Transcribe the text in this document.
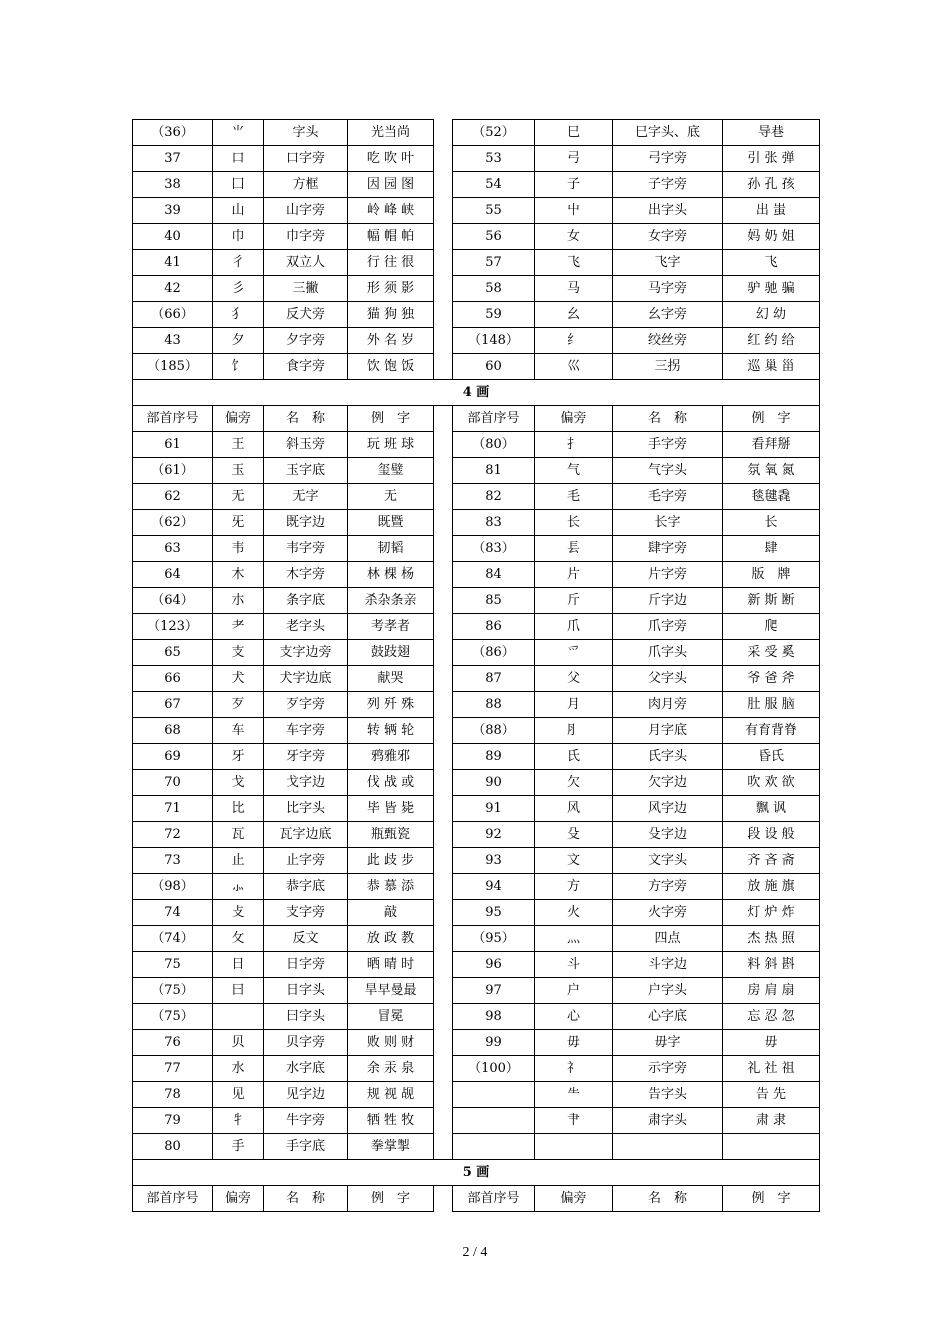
（36）	⺌	字头	光当尚		（52）	巳	巳字头、底	导巷
37	口	口字旁	吃 吹 叶		53	弓	弓字旁	引 张 弹
38	囗	方框	因 园 图		54	子	子字旁	孙 孔 孩
39	山	山字旁	岭 峰 峡		55	屮	出字头	出 蚩
40	巾	巾字旁	幅 帽 帕		56	女	女字旁	妈 奶 姐
41	彳	双立人	行 往 很		57	飞	飞字	飞
42	彡	三撇	形 须 影		58	马	马字旁	驴 驰 骗
（66）	犭	反犬旁	猫 狗 独		59	幺	幺字旁	幻 幼
43	夕	夕字旁	外 名 岁		（148）	纟	绞丝旁	红 约 给
（185）	饣	食字旁	饮 饱 饭		60	巛	三拐	巡 巢 甾
4 画								
部首序号	偏旁	名　称	例　字		部首序号	偏旁	名　称	例　字
61	王	斜玉旁	玩 班 球		（80）	扌	手字旁	看拜掰
（61）	玉	玉字底	玺璧		81	气	气字头	氛 氧 氮
62	无	无字	无		82	毛	毛字旁	毯毽毳
（62）	旡	既字边	既暨		83	长	长字	长
63	韦	韦字旁	韧韬		（83）	镸	肆字旁	肆
64	木	木字旁	林 棵 杨		84	片	片字旁	版　牌
（64）	朩	条字底	杀杂条亲		85	斤	斤字边	新 斯 断
（123）	耂	老字头	考孝者		86	爪	爪字旁	爬
65	支	支字边旁	鼓跂翅		（86）	爫	爪字头	采 受 奚
66	犬	犬字边底	献哭		87	父	父字头	爷 爸 斧
67	歹	歹字旁	列 歼 殊		88	月	肉月旁	肚 服 脑
68	车	车字旁	转 辆 轮		（88）	⺼	月字底	有育背脊
69	牙	牙字旁	鸦雅邪		89	氏	氏字头	昏氏
70	戈	戈字边	伐 战 或		90	欠	欠字边	吹 欢 欲
71	比	比字头	毕 皆 毙		91	风	风字边	飘 讽
72	瓦	瓦字边底	瓶甄瓷		92	殳	殳字边	段 设 般
73	止	止字旁	此 歧 步		93	文	文字头	齐 吝 斋
（98）	⺗	恭字底	恭 慕 添		94	方	方字旁	放 施 旗
74	攴	支字旁	敲		95	火	火字旁	灯 炉 炸
（74）	攵	反文	放 政 教		（95）	灬	四点	杰 热 照
75	日	日字旁	晒 晴 时		96	斗	斗字边	料 斜 斟
（75）	曰	日字头	旱早曼最		97	户	户字头	房 肩 扇
（75）		曰字头	冒冕		98	心	心字底	忘 忍 忽
76	贝	贝字旁	败 则 财		99	毋	毋字	毋
77	水	水字底	余 汞 泉		（100）	礻	示字旁	礼 社 祖
78	见	见字边	规 视 觇			⺧	告字头	告 先
79	牜	牛字旁	牺 牲 牧			肀	肃字头	肃 隶
80	手	手字底	拳掌掣					
5 画								
部首序号	偏旁	名　称	例　字		部首序号	偏旁	名　称	例　字
2 / 4
